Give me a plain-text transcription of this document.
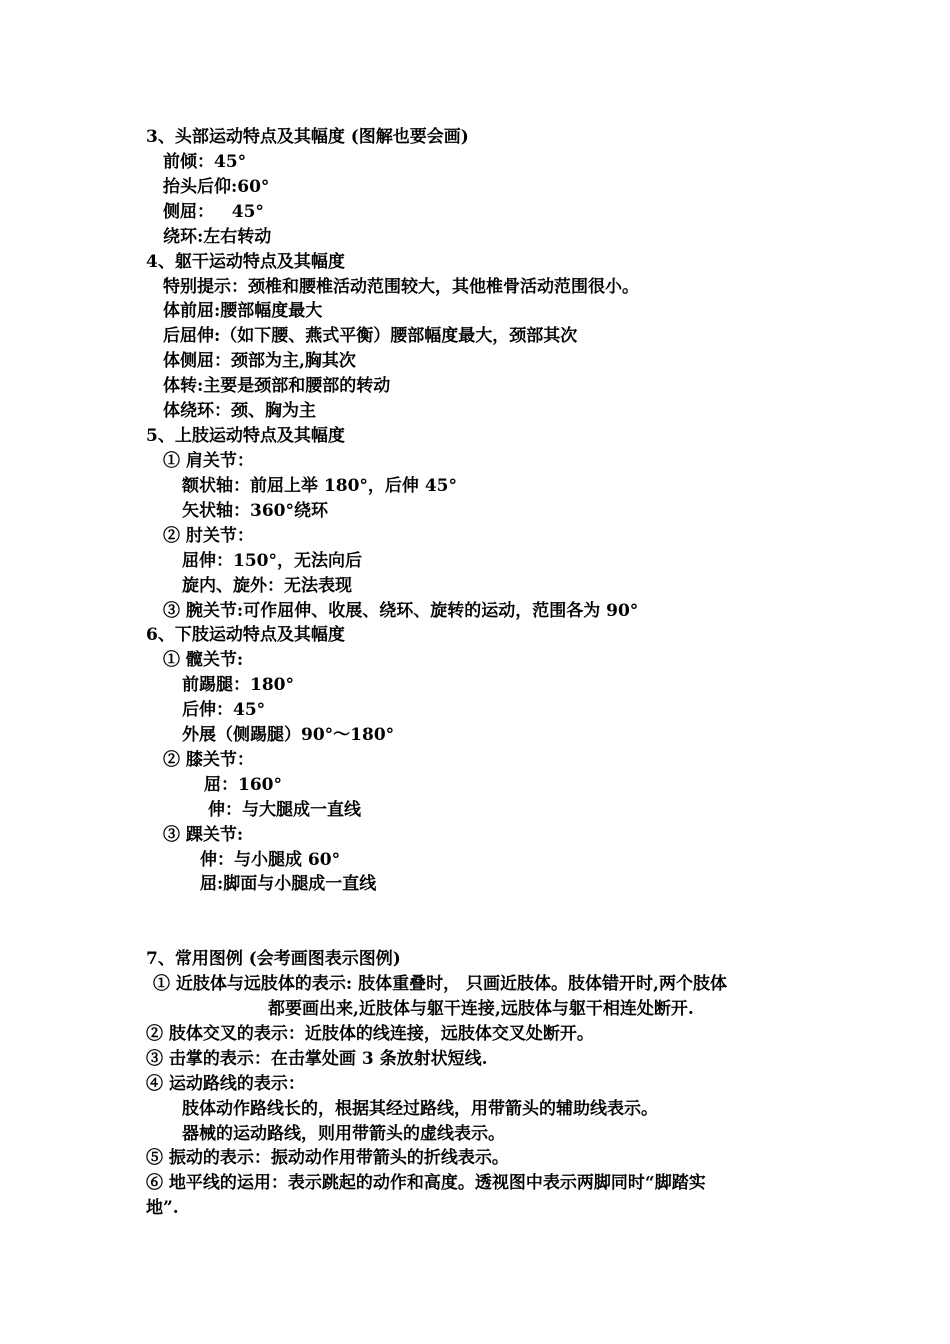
3、头部运动特点及其幅度 (图解也要会画)
前倾：45°
抬头后仰:60°
侧屈：   45°
绕环:左右转动
4、躯干运动特点及其幅度
特别提示：颈椎和腰椎活动范围较大，其他椎骨活动范围很小。
体前屈:腰部幅度最大
后屈伸:（如下腰、燕式平衡）腰部幅度最大，颈部其次
体侧屈：颈部为主,胸其次
体转:主要是颈部和腰部的转动
体绕环：颈、胸为主
5、上肢运动特点及其幅度
① 肩关节：
额状轴：前屈上举 180°，后伸 45°
矢状轴：360°绕环
② 肘关节：
屈伸：150°，无法向后
旋内、旋外：无法表现
③ 腕关节:可作屈伸、收展、绕环、旋转的运动，范围各为 90°
6、下肢运动特点及其幅度
① 髋关节:
前踢腿：180°
后伸：45°
外展（侧踢腿）90°～180°
② 膝关节：
屈：160°
伸：与大腿成一直线
③ 踝关节:
伸：与小腿成 60°
屈:脚面与小腿成一直线
7、常用图例 (会考画图表示图例)
① 近肢体与远肢体的表示: 肢体重叠时， 只画近肢体。肢体错开时,两个肢体
都要画出来,近肢体与躯干连接,远肢体与躯干相连处断开.
② 肢体交叉的表示：近肢体的线连接，远肢体交叉处断开。
③ 击掌的表示：在击掌处画 3 条放射状短线.
④ 运动路线的表示：
肢体动作路线长的，根据其经过路线，用带箭头的辅助线表示。
器械的运动路线，则用带箭头的虚线表示。
⑤ 振动的表示：振动动作用带箭头的折线表示。
⑥ 地平线的运用：表示跳起的动作和高度。透视图中表示两脚同时“脚踏实
地”.
